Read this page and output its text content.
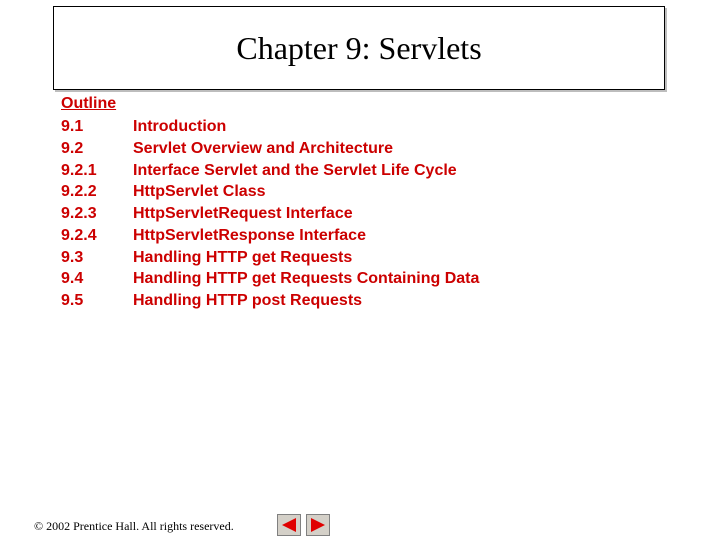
Chapter 9: Servlets
Outline
9.1	Introduction
9.2	Servlet Overview and Architecture
9.2.1 Interface Servlet and the Servlet Life Cycle
9.2.2 HttpServlet Class
9.2.3 HttpServletRequest Interface
9.2.4 HttpServletResponse Interface
9.3	Handling HTTP get Requests
9.4	Handling HTTP get Requests Containing Data
9.5	Handling HTTP post Requests
© 2002 Prentice Hall. All rights reserved.
